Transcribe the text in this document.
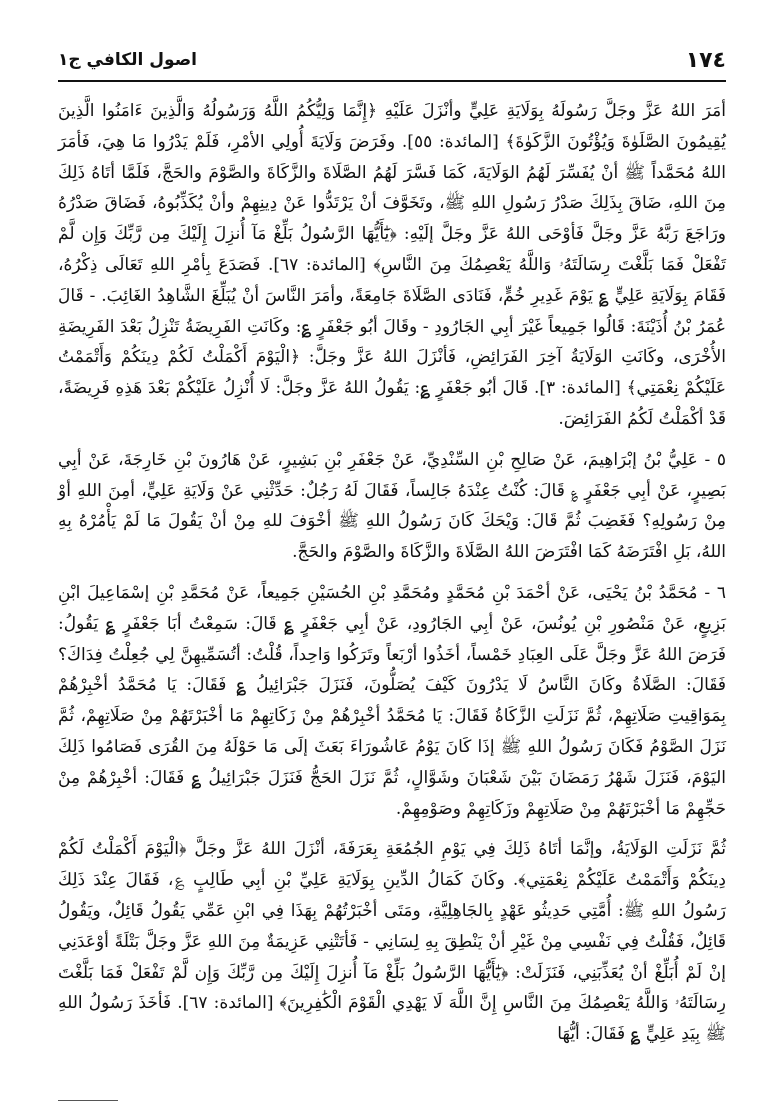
١٧٤
اصول الكافي ج١

أمَرَ اللهُ عَزَّ وجَلَّ رَسُولَهُ بِوَلَايَةِ عَلِيٍّ وأنْزَلَ عَلَيْهِ ﴿إِنَّمَا وَلِيُّكُمُ اللَّهُ وَرَسُولُهُ وَالَّذِينَ ءَامَنُوا الَّذِينَ يُقِيمُونَ الصَّلَوٰةَ وَيُؤْتُونَ الزَّكَوٰةَ﴾ [المائدة: ٥٥]. وفَرَضَ وَلَايَةَ أُولِي الأمْرِ، فَلَمْ يَدْرُوا مَا هِيَ، فَأمَرَ اللهُ مُحَمَّداً ﷺ أنْ يُفَسِّرَ لَهُمُ الوَلَايَةَ، كَمَا فَسَّرَ لَهُمُ الصَّلَاةَ والزَّكَاةَ والصَّوْمَ والحَجَّ، فَلَمَّا أتَاهُ ذَلِكَ مِنَ اللهِ، ضَاقَ بِذَلِكَ صَدْرُ رَسُولِ اللهِ ﷺ، وتَخَوَّفَ أنْ يَرْتَدُّوا عَنْ دِينِهِمْ وأنْ يُكَذِّبُوهُ، فَضَاقَ صَدْرُهُ ورَاجَعَ رَبَّهُ عَزَّ وجَلَّ فَأوْحَى اللهُ عَزَّ وجَلَّ إلَيْهِ: ﴿يَٰٓأَيُّهَا الرَّسُولُ بَلِّغْ مَآ أُنزِلَ إِلَيْكَ مِن رَّبِّكَ وَإِن لَّمْ تَفْعَلْ فَمَا بَلَّغْتَ رِسَالَتَهُۥ وَاللَّهُ يَعْصِمُكَ مِنَ النَّاسِ﴾ [المائدة: ٦٧]. فَصَدَعَ بِأمْرِ اللهِ تَعَالَى ذِكْرُهُ، فَقَامَ بِوَلَايَةِ عَلِيٍّ ؏ يَوْمَ غَدِيرِ خُمٍّ، فَنَادَى الصَّلَاةَ جَامِعَةً، وأمَرَ النَّاسَ أنْ يُبَلِّغَ الشَّاهِدُ الغَائِبَ. - قَالَ عُمَرُ بْنُ أُذَيْنَةَ: قَالُوا جَمِيعاً غَيْرَ أبِي الجَارُودِ - وقَالَ أبُو جَعْفَرٍ ؏: وكَانَتِ الفَرِيضَةُ تَنْزِلُ بَعْدَ الفَرِيضَةِ الأُخْرَى، وكَانَتِ الوَلَايَةُ آخِرَ الفَرَائِضِ، فَأنْزَلَ اللهُ عَزَّ وجَلَّ: ﴿الْيَوْمَ أَكْمَلْتُ لَكُمْ دِينَكُمْ وَأَتْمَمْتُ عَلَيْكُمْ نِعْمَتِي﴾ [المائدة: ٣]. قَالَ أبُو جَعْفَرٍ ؏: يَقُولُ اللهُ عَزَّ وجَلَّ: لَا أُنْزِلُ عَلَيْكُمْ بَعْدَ هَذِهِ فَرِيضَةً، قَدْ أكْمَلْتُ لَكُمُ الفَرَائِضَ.

٥ - عَلِيُّ بْنُ إبْرَاهِيمَ، عَنْ صَالِحِ بْنِ السِّنْدِيِّ، عَنْ جَعْفَرِ بْنِ بَشِيرٍ، عَنْ هَارُونَ بْنِ خَارِجَةَ، عَنْ أبِي بَصِيرٍ، عَنْ أبِي جَعْفَرٍ ؏ قَالَ: كُنْتُ عِنْدَهُ جَالِساً، فَقَالَ لَهُ رَجُلٌ: حَدِّثْنِي عَنْ وَلَايَةِ عَلِيٍّ، أمِنَ اللهِ أوْ مِنْ رَسُولِهِ؟ فَغَضِبَ ثُمَّ قَالَ: وَيْحَكَ كَانَ رَسُولُ اللهِ ﷺ أخْوَفَ للهِ مِنْ أنْ يَقُولَ مَا لَمْ يَأْمُرْهُ بِهِ اللهُ، بَلِ افْتَرَضَهُ كَمَا افْتَرَضَ اللهُ الصَّلَاةَ والزَّكَاةَ والصَّوْمَ والحَجَّ.

٦ - مُحَمَّدُ بْنُ يَحْيَى، عَنْ أحْمَدَ بْنِ مُحَمَّدٍ ومُحَمَّدِ بْنِ الحُسَيْنِ جَمِيعاً، عَنْ مُحَمَّدِ بْنِ إسْمَاعِيلَ ابْنِ بَزِيعٍ، عَنْ مَنْصُورِ بْنِ يُونُسَ، عَنْ أبِي الجَارُودِ، عَنْ أبِي جَعْفَرٍ ؏ قَالَ: سَمِعْتُ أبَا جَعْفَرٍ ؏ يَقُولُ: فَرَضَ اللهُ عَزَّ وجَلَّ عَلَى العِبَادِ خَمْساً، أخَذُوا أرْبَعاً وتَرَكُوا وَاحِداً، قُلْتُ: أتُسَمِّيهِنَّ لِي جُعِلْتُ فِدَاكَ؟ فَقَالَ: الصَّلَاةُ وكَانَ النَّاسُ لَا يَدْرُونَ كَيْفَ يُصَلُّونَ، فَنَزَلَ جَبْرَائِيلُ ؏ فَقَالَ: يَا مُحَمَّدُ أخْبِرْهُمْ بِمَوَاقِيتِ صَلَاتِهِمْ، ثُمَّ نَزَلَتِ الزَّكَاةُ فَقَالَ: يَا مُحَمَّدُ أخْبِرْهُمْ مِنْ زَكَاتِهِمْ مَا أخْبَرْتَهُمْ مِنْ صَلَاتِهِمْ، ثُمَّ نَزَلَ الصَّوْمُ فَكَانَ رَسُولُ اللهِ ﷺ إذَا كَانَ يَوْمُ عَاشُورَاءَ بَعَثَ إلَى مَا حَوْلَهُ مِنَ القُرَى فَصَامُوا ذَلِكَ اليَوْمَ، فَنَزَلَ شَهْرُ رَمَضَانَ بَيْنَ شَعْبَانَ وشَوَّالٍ، ثُمَّ نَزَلَ الحَجُّ فَنَزَلَ جَبْرَائِيلُ ؏ فَقَالَ: أخْبِرْهُمْ مِنْ حَجِّهِمْ مَا أخْبَرْتَهُمْ مِنْ صَلَاتِهِمْ وزَكَاتِهِمْ وصَوْمِهِمْ.

ثُمَّ نَزَلَتِ الوَلَايَةُ، وإنَّمَا أتَاهُ ذَلِكَ فِي يَوْمِ الجُمُعَةِ بِعَرَفَةَ، أنْزَلَ اللهُ عَزَّ وجَلَّ ﴿الْيَوْمَ أَكْمَلْتُ لَكُمْ دِينَكُمْ وَأَتْمَمْتُ عَلَيْكُمْ نِعْمَتِي﴾. وكَانَ كَمَالُ الدِّينِ بِوَلَايَةِ عَلِيِّ بْنِ أبِي طَالِبٍ ؏، فَقَالَ عِنْدَ ذَلِكَ رَسُولُ اللهِ ﷺ: أُمَّتِي حَدِيثُو عَهْدٍ بِالجَاهِلِيَّةِ، ومَتَى أخْبَرْتُهُمْ بِهَذَا فِي ابْنِ عَمِّي يَقُولُ قَائِلٌ، ويَقُولُ قَائِلٌ، فَقُلْتُ فِي نَفْسِي مِنْ غَيْرِ أنْ يَنْطِقَ بِهِ لِسَانِي - فَأتَتْنِي عَزِيمَةٌ مِنَ اللهِ عَزَّ وجَلَّ بَتْلَةً أوْعَدَنِي إنْ لَمْ أُبَلِّغْ أنْ يُعَذِّبَنِي، فَنَزَلَتْ: ﴿يَٰٓأَيُّهَا الرَّسُولُ بَلِّغْ مَآ أُنزِلَ إِلَيْكَ مِن رَّبِّكَ وَإِن لَّمْ تَفْعَلْ فَمَا بَلَّغْتَ رِسَالَتَهُۥ وَاللَّهُ يَعْصِمُكَ مِنَ النَّاسِ إِنَّ اللَّهَ لَا يَهْدِي الْقَوْمَ الْكَٰفِرِينَ﴾ [المائدة: ٦٧]. فَأخَذَ رَسُولُ اللهِ ﷺ بِيَدِ عَلِيٍّ ؏ فَقَالَ: أيُّهَا
